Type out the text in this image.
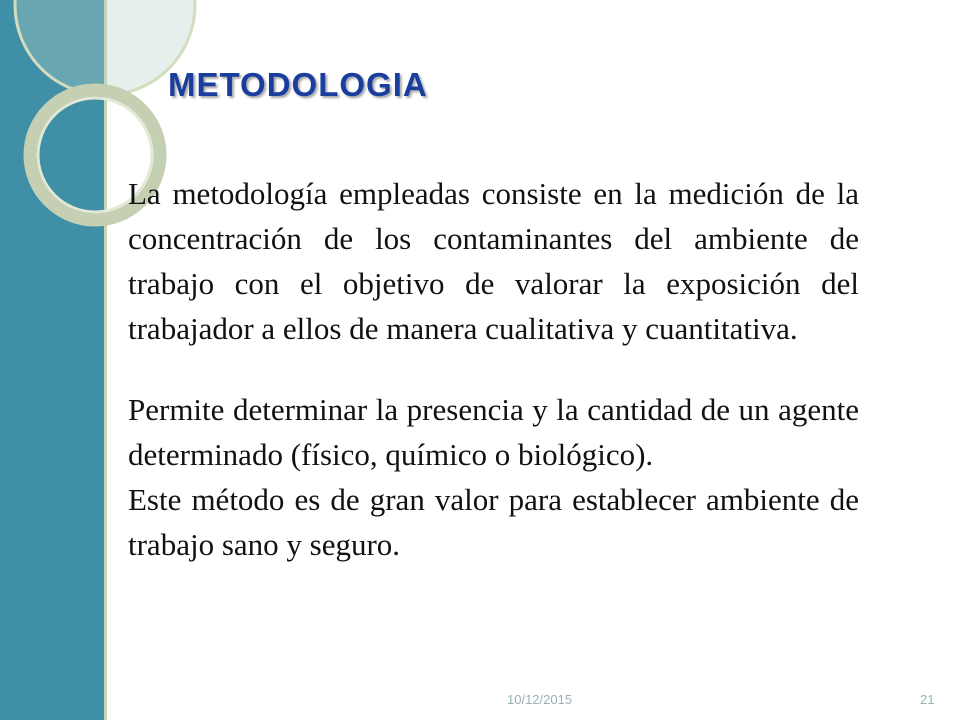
METODOLOGIA

La metodología empleadas consiste en la medición de la concentración de los contaminantes del ambiente de trabajo con el objetivo de valorar la exposición del trabajador a ellos de manera cualitativa y cuantitativa.

Permite determinar la presencia y la cantidad de un agente determinado (físico, químico o biológico).

Este método es de gran valor para establecer ambiente de trabajo sano y seguro.

10/12/2015	21
